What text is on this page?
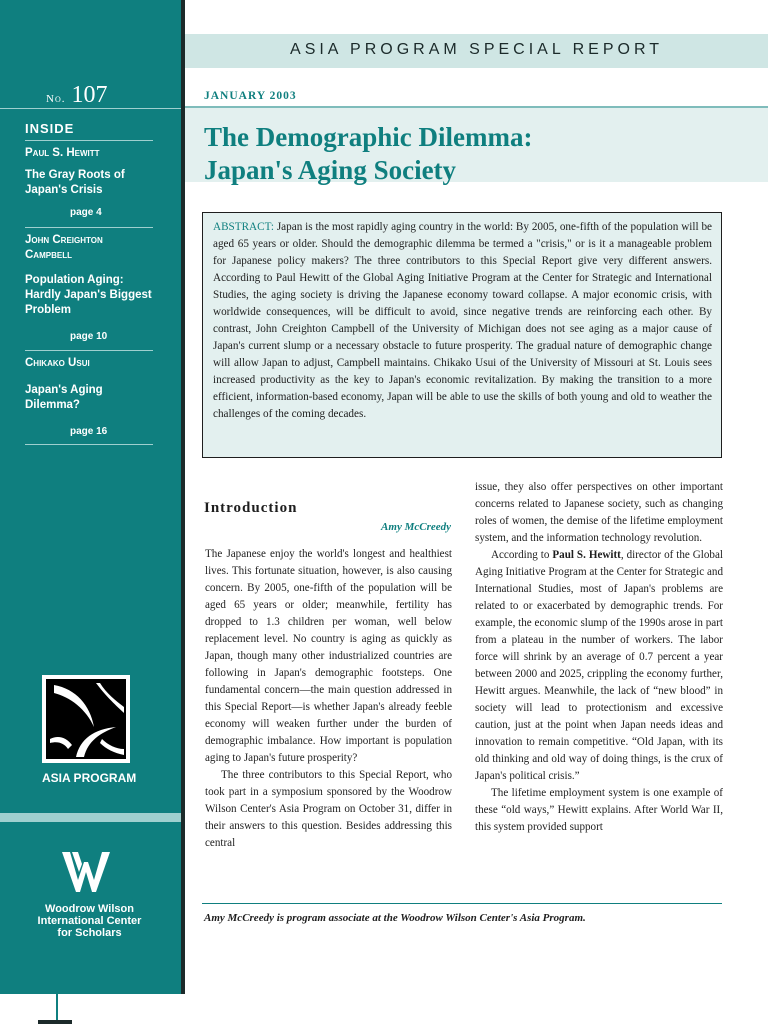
No. 107
INSIDE
Paul S. Hewitt
The Gray Roots of
Japan's Crisis
page 4
John Creighton
Campbell
Population Aging:
Hardly Japan's Biggest
Problem
page 10
Chikako Usui
Japan's Aging
Dilemma?
page 16
ASIA PROGRAM
Woodrow Wilson
International Center
for Scholars
ASIA PROGRAM SPECIAL REPORT
JANUARY 2003
The Demographic Dilemma:
Japan's Aging Society
ABSTRACT: Japan is the most rapidly aging country in the world: By 2005, one-fifth of the population will be aged 65 years or older. Should the demographic dilemma be termed a "crisis," or is it a manageable problem for Japanese policy makers? The three contributors to this Special Report give very different answers. According to Paul Hewitt of the Global Aging Initiative Program at the Center for Strategic and International Studies, the aging society is driving the Japanese economy toward collapse. A major economic crisis, with worldwide consequences, will be difficult to avoid, since negative trends are reinforcing each other. By contrast, John Creighton Campbell of the University of Michigan does not see aging as a major cause of Japan's current slump or a necessary obstacle to future prosperity. The gradual nature of demographic change will allow Japan to adjust, Campbell maintains. Chikako Usui of the University of Missouri at St. Louis sees increased productivity as the key to Japan's economic revitalization. By making the transition to a more efficient, information-based economy, Japan will be able to use the skills of both young and old to weather the challenges of the coming decades.
Introduction
Amy McCreedy

The Japanese enjoy the world's longest and healthiest lives. This fortunate situation, however, is also causing concern. By 2005, one-fifth of the population will be aged 65 years or older; meanwhile, fertility has dropped to 1.3 children per woman, well below replacement level. No country is aging as quickly as Japan, though many other industrialized countries are following in Japan's demographic footsteps. One fundamental concern—the main question addressed in this Special Report—is whether Japan's already feeble economy will weaken further under the burden of demographic imbalance. How important is population aging to Japan's future prosperity?

The three contributors to this Special Report, who took part in a symposium sponsored by the Woodrow Wilson Center's Asia Program on October 31, differ in their answers to this question. Besides addressing this central

issue, they also offer perspectives on other important concerns related to Japanese society, such as changing roles of women, the demise of the lifetime employment system, and the information technology revolution.

According to Paul S. Hewitt, director of the Global Aging Initiative Program at the Center for Strategic and International Studies, most of Japan's problems are related to or exacerbated by demographic trends. For example, the economic slump of the 1990s arose in part from a plateau in the number of workers. The labor force will shrink by an average of 0.7 percent a year between 2000 and 2025, crippling the economy further, Hewitt argues. Meanwhile, the lack of “new blood” in society will lead to protectionism and excessive caution, just at the point when Japan needs ideas and innovation to remain competitive. “Old Japan, with its old thinking and old way of doing things, is the crux of Japan's political crisis.”

The lifetime employment system is one example of these “old ways,” Hewitt explains. After World War II, this system provided support

Amy McCreedy is program associate at the Woodrow Wilson Center's Asia Program.
